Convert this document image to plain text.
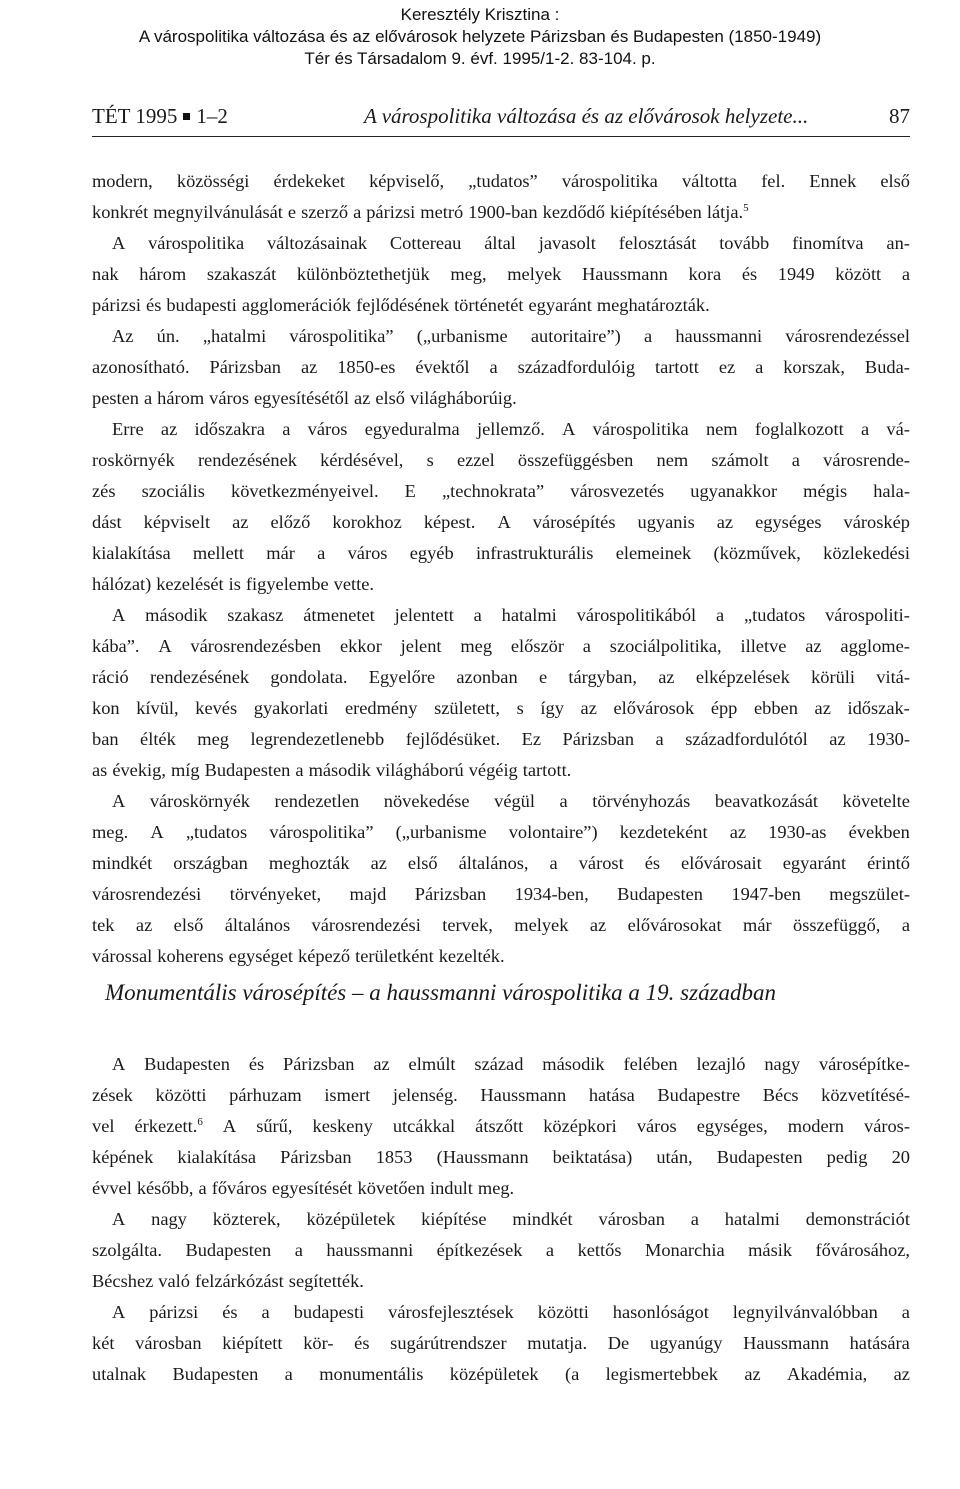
Keresztély Krisztina :
A várospolitika változása és az elővárosok helyzete Párizsban és Budapesten (1850-1949)
Tér és Társadalom 9. évf. 1995/1-2. 83-104. p.
TÉT 1995 1–2	A várospolitika változása és az elővárosok helyzete...	87
modern, közösségi érdekeket képviselő, „tudatos” várospolitika váltotta fel. Ennek első
konkrét megnyilvánulását e szerző a párizsi metró 1900-ban kezdődő kiépítésében látja.$^5$
A várospolitika változásainak Cottereau által javasolt felosztását tovább finomítva an-
nak három szakaszát különböztethetjük meg, melyek Haussmann kora és 1949 között a
párizsi és budapesti agglomerációk fejlődésének történetét egyaránt meghatározták.
Az ún. „hatalmi várospolitika” („urbanisme autoritaire”) a haussmanni városrendezéssel
azonosítható. Párizsban az 1850-es évektől a századfordulóig tartott ez a korszak, Buda-
pesten a három város egyesítésétől az első világháborúig.
Erre az időszakra a város egyeduralma jellemző. A várospolitika nem foglalkozott a vá-
roskörnyék rendezésének kérdésével, s ezzel összefüggésben nem számolt a városrende-
zés szociális következményeivel. E „technokrata” városvezetés ugyanakkor mégis hala-
dást képviselt az előző korokhoz képest. A városépítés ugyanis az egységes városkép
kialakítása mellett már a város egyéb infrastrukturális elemeinek (közművek, közlekedési
hálózat) kezelését is figyelembe vette.
A második szakasz átmenetet jelentett a hatalmi várospolitikából a „tudatos várospoliti-
kába”. A városrendezésben ekkor jelent meg először a szociálpolitika, illetve az agglome-
ráció rendezésének gondolata. Egyelőre azonban e tárgyban, az elképzelések körüli vitá-
kon kívül, kevés gyakorlati eredmény született, s így az elővárosok épp ebben az időszak-
ban élték meg legrendezetlenebb fejlődésüket. Ez Párizsban a századfordulótól az 1930-
as évekig, míg Budapesten a második világháború végéig tartott.
A városkörnyék rendezetlen növekedése végül a törvényhozás beavatkozását követelte
meg. A „tudatos várospolitika” („urbanisme volontaire”) kezdeteként az 1930-as években
mindkét országban meghozták az első általános, a várost és elővárosait egyaránt érintő
városrendezési törvényeket, majd Párizsban 1934-ben, Budapesten 1947-ben megszület-
tek az első általános városrendezési tervek, melyek az elővárosokat már összefüggő, a
várossal koherens egységet képező területként kezelték.
Monumentális városépítés – a haussmanni várospolitika a 19. században
A Budapesten és Párizsban az elmúlt század második felében lezajló nagy városépítke-
zések közötti párhuzam ismert jelenség. Haussmann hatása Budapestre Bécs közvetítésé-
vel érkezett.$^6$ A sűrű, keskeny utcákkal átszőtt középkori város egységes, modern város-
képének kialakítása Párizsban 1853 (Haussmann beiktatása) után, Budapesten pedig 20
évvel később, a főváros egyesítését követően indult meg.
A nagy közterek, középületek kiépítése mindkét városban a hatalmi demonstrációt
szolgálta. Budapesten a haussmanni építkezések a kettős Monarchia másik fővárosához,
Bécshez való felzárkózást segítették.
A párizsi és a budapesti városfejlesztések közötti hasonlóságot legnyilvánvalóbban a
két városban kiépített kör- és sugárútrendszer mutatja. De ugyanúgy Haussmann hatására
utalnak Budapesten a monumentális középületek (a legismertebbek az Akadémia, az
